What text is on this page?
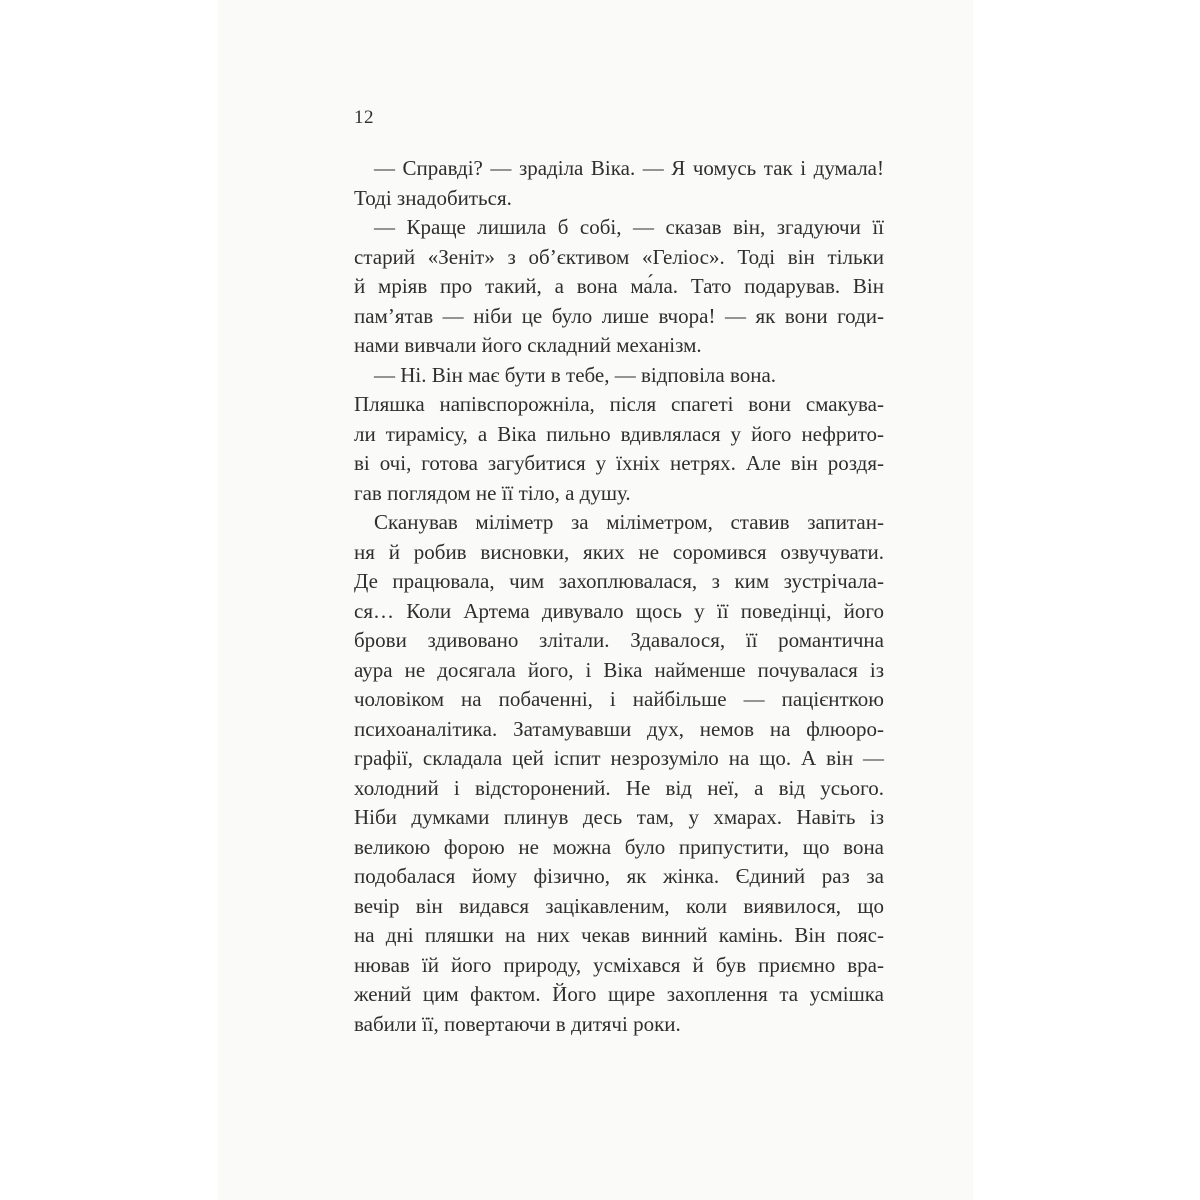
12
— Справді? — зраділа Віка. — Я чомусь так і думала!
Тоді знадобиться.
— Краще лишила б собі, — сказав він, згадуючи її
старий «Зеніт» з об’єктивом «Геліос». Тоді він тільки
й мріяв про такий, а вона ма́ла. Тато подарував. Він
пам’ятав — ніби це було лише вчора! — як вони годи-
нами вивчали його складний механізм.
— Ні. Він має бути в тебе, — відповіла вона.
Пляшка напівспорожніла, після спагеті вони смакува-
ли тирамісу, а Віка пильно вдивлялася у його нефрито-
ві очі, готова загубитися у їхніх нетрях. Але він роздя-
гав поглядом не її тіло, а душу.
Сканував міліметр за міліметром, ставив запитан-
ня й робив висновки, яких не соромився озвучувати.
Де працювала, чим захоплювалася, з ким зустрічала-
ся… Коли Артема дивувало щось у її поведінці, його
брови здивовано злітали. Здавалося, її романтична
аура не досягала його, і Віка найменше почувалася із
чоловіком на побаченні, і найбільше — пацієнткою
психоаналітика. Затамувавши дух, немов на флюоро-
графії, складала цей іспит незрозуміло на що. А він —
холодний і відсторонений. Не від неї, а від усього.
Ніби думками плинув десь там, у хмарах. Навіть із
великою форою не можна було припустити, що вона
подобалася йому фізично, як жінка. Єдиний раз за
вечір він видався зацікавленим, коли виявилося, що
на дні пляшки на них чекав винний камінь. Він пояс-
нював їй його природу, усміхався й був приємно вра-
жений цим фактом. Його щире захоплення та усмішка
вабили її, повертаючи в дитячі роки.
